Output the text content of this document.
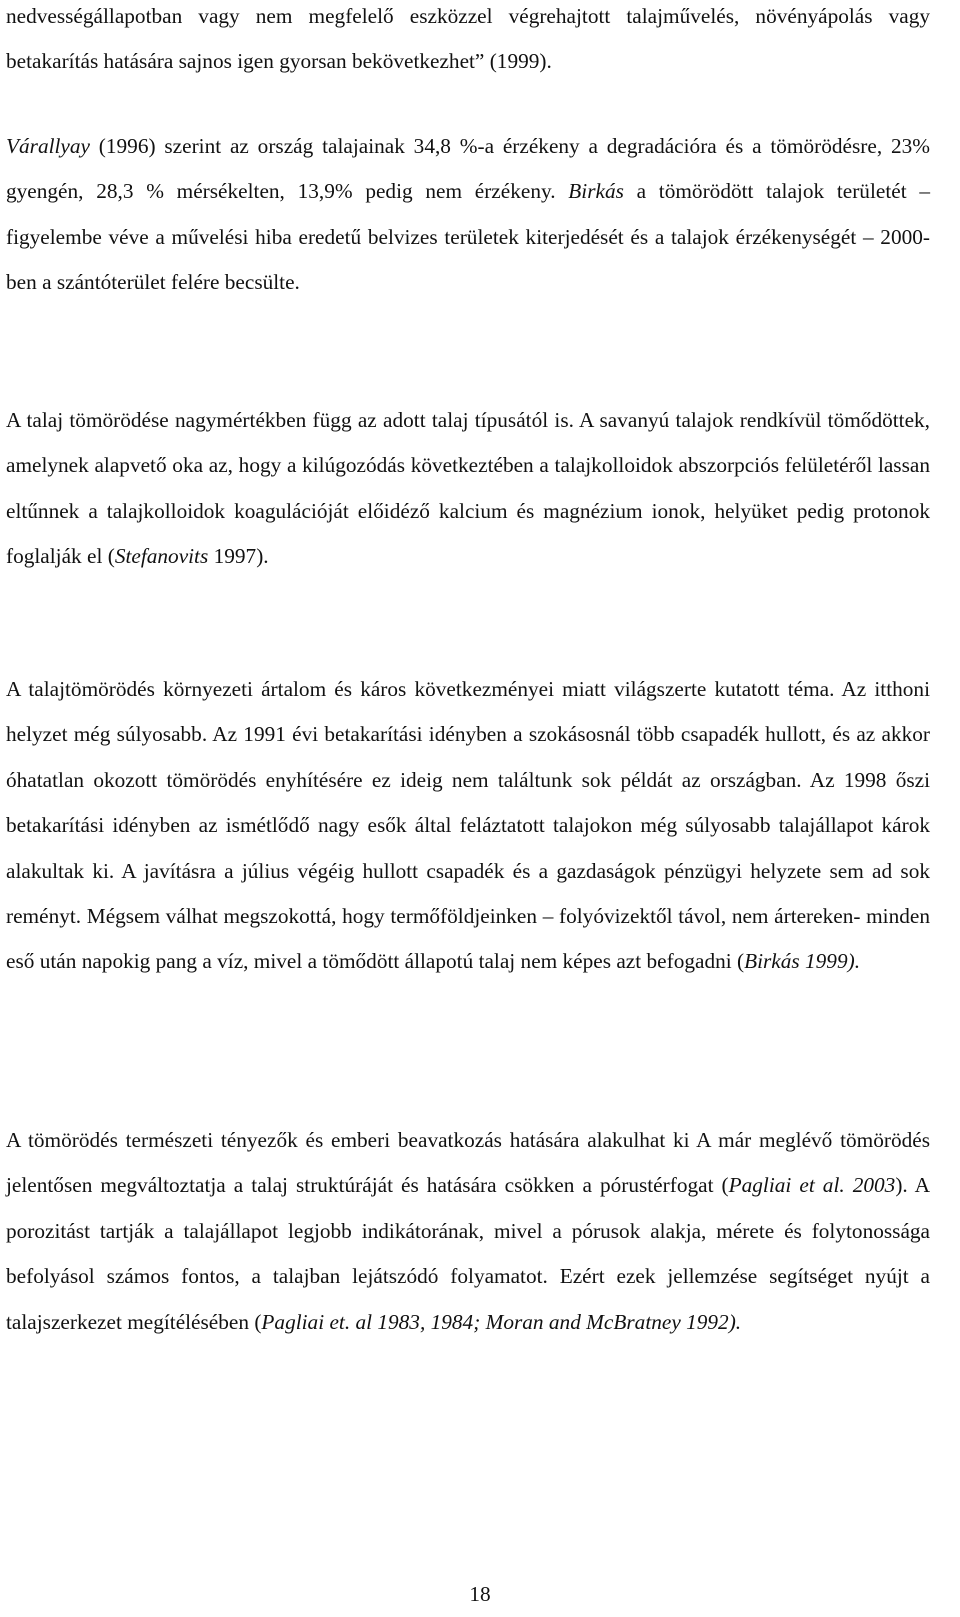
nedvességállapotban vagy nem megfelelő eszközzel végrehajtott talajművelés, növényápolás vagy betakarítás hatására sajnos igen gyorsan bekövetkezhet” (1999).

Várallyay (1996) szerint az ország talajainak 34,8 %-a érzékeny a degradációra és a tömörödésre, 23% gyengén, 28,3 % mérsékelten, 13,9% pedig nem érzékeny. Birkás a tömörödött talajok területét – figyelembe véve a művelési hiba eredetű belvizes területek kiterjedését és a talajok érzékenységét – 2000-ben a szántóterület felére becsülte.

A talaj tömörödése nagymértékben függ az adott talaj típusától is. A savanyú talajok rendkívül tömődöttek, amelynek alapvető oka az, hogy a kilúgozódás következtében a talajkolloidok abszorpciós felületéről lassan eltűnnek a talajkolloidok koagulációját előidéző kalcium és magnézium ionok, helyüket pedig protonok foglalják el (Stefanovits 1997).

A talajtömörödés környezeti ártalom és káros következményei miatt világszerte kutatott téma. Az itthoni helyzet még súlyosabb. Az 1991 évi betakarítási idényben a szokásosnál több csapadék hullott, és az akkor óhatatlan okozott tömörödés enyhítésére ez ideig nem találtunk sok példát az országban. Az 1998 őszi betakarítási idényben az ismétlődő nagy esők által feláztatott talajokon még súlyosabb talajállapot károk alakultak ki. A javításra a július végéig hullott csapadék és a gazdaságok pénzügyi helyzete sem ad sok reményt. Mégsem válhat megszokottá, hogy termőföldjeinken – folyóvizektől távol, nem ártereken- minden eső után napokig pang a víz, mivel a tömődött állapotú talaj nem képes azt befogadni (Birkás 1999).

A tömörödés természeti tényezők és emberi beavatkozás hatására alakulhat ki A már meglévő tömörödés jelentősen megváltoztatja a talaj struktúráját és hatására csökken a pórustérfogat (Pagliai et al. 2003). A porozitást tartják a talajállapot legjobb indikátorának, mivel a pórusok alakja, mérete és folytonossága befolyásol számos fontos, a talajban lejátszódó folyamatot. Ezért ezek jellemzése segítséget nyújt a talajszerkezet megítélésében (Pagliai et. al 1983, 1984; Moran and McBratney 1992).

18
